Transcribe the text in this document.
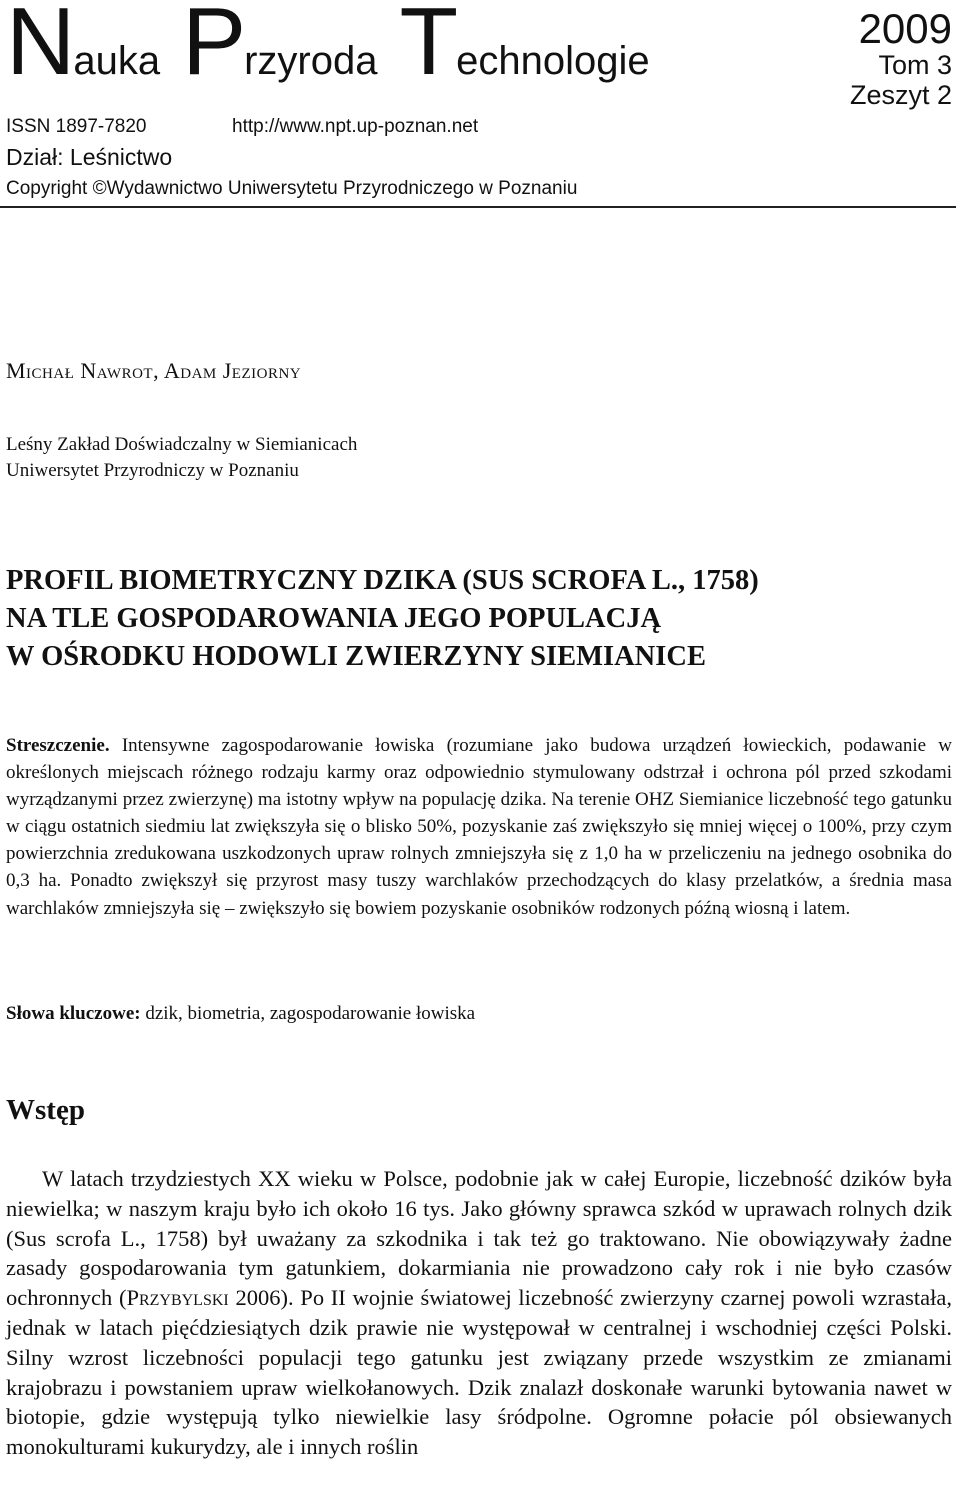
Nauka Przyroda Technologie
2009
Tom 3
Zeszyt 2
ISSN 1897-7820	http://www.npt.up-poznan.net
Dział: Leśnictwo
Copyright ©Wydawnictwo Uniwersytetu Przyrodniczego w Poznaniu
Michał Nawrot, Adam Jeziorny
Leśny Zakład Doświadczalny w Siemianicach
Uniwersytet Przyrodniczy w Poznaniu
PROFIL BIOMETRYCZNY DZIKA (SUS SCROFA L., 1758)
NA TLE GOSPODAROWANIA JEGO POPULACJĄ
W OŚRODKU HODOWLI ZWIERZYNY SIEMIANICE
Streszczenie. Intensywne zagospodarowanie łowiska (rozumiane jako budowa urządzeń łowieckich, podawanie w określonych miejscach różnego rodzaju karmy oraz odpowiednio stymulowany odstrzał i ochrona pól przed szkodami wyrządzanymi przez zwierzynę) ma istotny wpływ na populację dzika. Na terenie OHZ Siemianice liczebność tego gatunku w ciągu ostatnich siedmiu lat zwiększyła się o blisko 50%, pozyskanie zaś zwiększyło się mniej więcej o 100%, przy czym powierzchnia zredukowana uszkodzonych upraw rolnych zmniejszyła się z 1,0 ha w przeliczeniu na jednego osobnika do 0,3 ha. Ponadto zwiększył się przyrost masy tuszy warchlaków przechodzących do klasy przelatków, a średnia masa warchlaków zmniejszyła się – zwiększyło się bowiem pozyskanie osobników rodzonych późną wiosną i latem.
Słowa kluczowe: dzik, biometria, zagospodarowanie łowiska
Wstęp
W latach trzydziestych XX wieku w Polsce, podobnie jak w całej Europie, liczebność dzików była niewielka; w naszym kraju było ich około 16 tys. Jako główny sprawca szkód w uprawach rolnych dzik (Sus scrofa L., 1758) był uważany za szkodnika i tak też go traktowano. Nie obowiązywały żadne zasady gospodarowania tym gatunkiem, dokarmiania nie prowadzono cały rok i nie było czasów ochronnych (Przybylski 2006). Po II wojnie światowej liczebność zwierzyny czarnej powoli wzrastała, jednak w latach pięćdziesiątych dzik prawie nie występował w centralnej i wschodniej części Polski. Silny wzrost liczebności populacji tego gatunku jest związany przede wszystkim ze zmianami krajobrazu i powstaniem upraw wielkołanowych. Dzik znalazł doskonałe warunki bytowania nawet w biotopie, gdzie występują tylko niewielkie lasy śródpolne. Ogromne połacie pól obsiewanych monokulturami kukurydzy, ale i innych roślin
